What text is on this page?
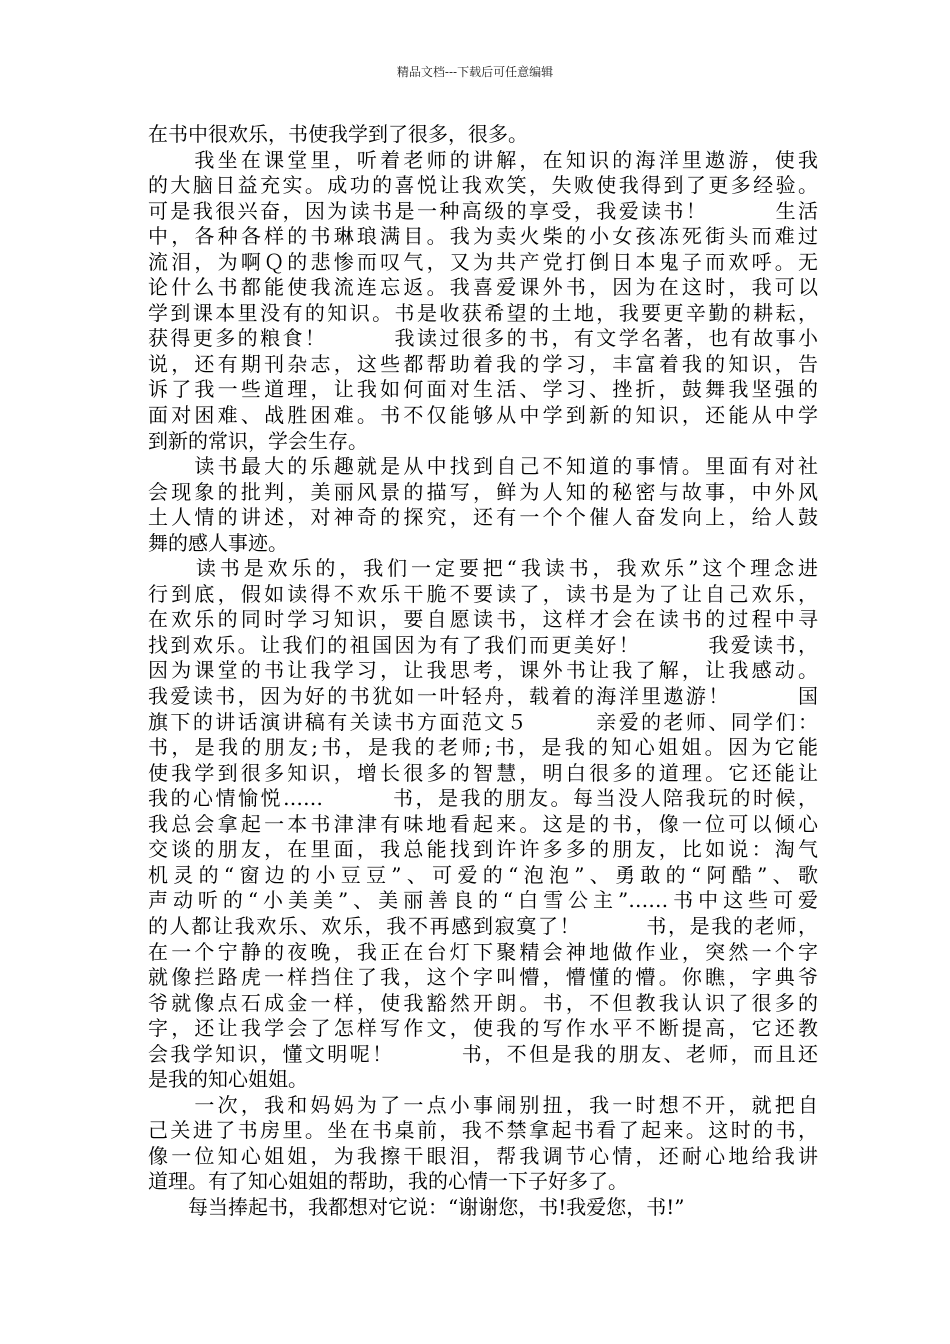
精品文档---下载后可任意编辑
在书中很欢乐，书使我学到了很多，很多。
　　我坐在课堂里，听着老师的讲解，在知识的海洋里遨游，使我
的大脑日益充实。成功的喜悦让我欢笑，失败使我得到了更多经验。
可是我很兴奋，因为读书是一种高级的享受，我爱读书！　　　生活
中，各种各样的书琳琅满目。我为卖火柴的小女孩冻死街头而难过
流泪，为啊Ｑ的悲惨而叹气，又为共产党打倒日本鬼子而欢呼。无
论什么书都能使我流连忘返。我喜爱课外书，因为在这时，我可以
学到课本里没有的知识。书是收获希望的土地，我要更辛勤的耕耘，
获得更多的粮食！　　　我读过很多的书，有文学名著，也有故事小
说，还有期刊杂志，这些都帮助着我的学习，丰富着我的知识，告
诉了我一些道理，让我如何面对生活、学习、挫折，鼓舞我坚强的
面对困难、战胜困难。书不仅能够从中学到新的知识，还能从中学
到新的常识，学会生存。
　　读书最大的乐趣就是从中找到自己不知道的事情。里面有对社
会现象的批判，美丽风景的描写，鲜为人知的秘密与故事，中外风
土人情的讲述，对神奇的探究，还有一个个催人奋发向上，给人鼓
舞的感人事迹。
　　读书是欢乐的，我们一定要把“我读书，我欢乐”这个理念进
行到底，假如读得不欢乐干脆不要读了，读书是为了让自己欢乐，
在欢乐的同时学习知识，要自愿读书，这样才会在读书的过程中寻
找到欢乐。让我们的祖国因为有了我们而更美好！　　　我爱读书，
因为课堂的书让我学习，让我思考，课外书让我了解，让我感动。
我爱读书，因为好的书犹如一叶轻舟，载着的海洋里遨游！　　　国
旗下的讲话演讲稿有关读书方面范文５　　　亲爱的老师、同学们：
书，是我的朋友;书，是我的老师;书，是我的知心姐姐。因为它能
使我学到很多知识，增长很多的智慧，明白很多的道理。它还能让
我的心情愉悦……　　　书，是我的朋友。每当没人陪我玩的时候，
我总会拿起一本书津津有味地看起来。这是的书，像一位可以倾心
交谈的朋友，在里面，我总能找到许许多多的朋友，比如说：淘气
机灵的“窗边的小豆豆”、可爱的“泡泡”、勇敢的“阿酷”、歌
声动听的“小美美”、美丽善良的“白雪公主”……书中这些可爱
的人都让我欢乐、欢乐，我不再感到寂寞了！　　　书，是我的老师，
在一个宁静的夜晚，我正在台灯下聚精会神地做作业，突然一个字
就像拦路虎一样挡住了我，这个字叫懵，懵懂的懵。你瞧，字典爷
爷就像点石成金一样，使我豁然开朗。书，不但教我认识了很多的
字，还让我学会了怎样写作文，使我的写作水平不断提高，它还教
会我学知识，懂文明呢！　　　书，不但是我的朋友、老师，而且还
是我的知心姐姐。
　　一次，我和妈妈为了一点小事闹别扭，我一时想不开，就把自
己关进了书房里。坐在书桌前，我不禁拿起书看了起来。这时的书，
像一位知心姐姐，为我擦干眼泪，帮我调节心情，还耐心地给我讲
道理。有了知心姐姐的帮助，我的心情一下子好多了。
　　每当捧起书，我都想对它说：“谢谢您，书!我爱您，书!”
